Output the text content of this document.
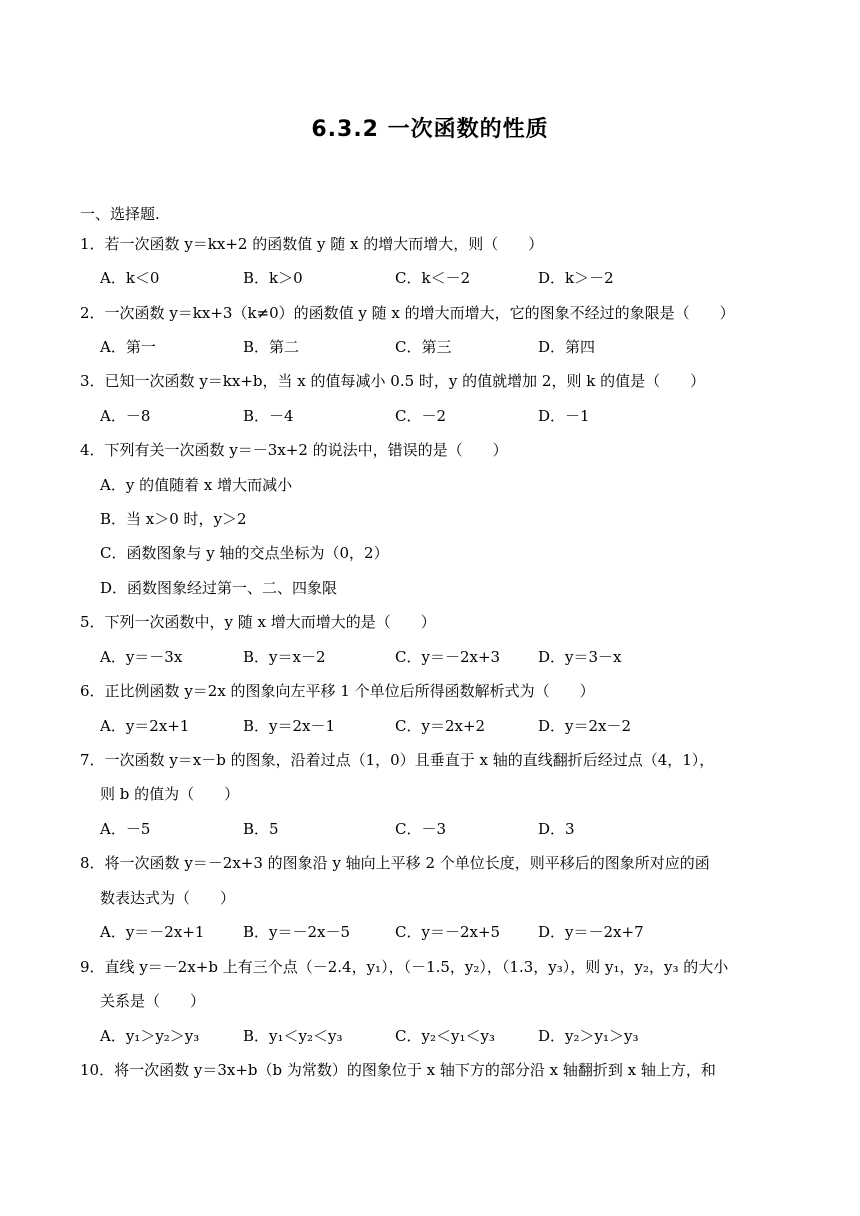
6.3.2 一次函数的性质
一、选择题.
1．若一次函数 y＝kx+2 的函数值 y 随 x 的增大而增大，则（　　）
A．k＜0	B．k＞0	C．k＜－2	D．k＞－2
2．一次函数 y＝kx+3（k≠0）的函数值 y 随 x 的增大而增大，它的图象不经过的象限是（　　）
A．第一	B．第二	C．第三	D．第四
3．已知一次函数 y＝kx+b，当 x 的值每减小 0.5 时，y 的值就增加 2，则 k 的值是（　　）
A．－8	B．－4	C．－2	D．－1
4．下列有关一次函数 y＝－3x+2 的说法中，错误的是（　　）
A．y 的值随着 x 增大而减小
B．当 x＞0 时，y＞2
C．函数图象与 y 轴的交点坐标为（0，2）
D．函数图象经过第一、二、四象限
5．下列一次函数中，y 随 x 增大而增大的是（　　）
A．y＝－3x	B．y＝x－2	C．y＝－2x+3	D．y＝3－x
6．正比例函数 y＝2x 的图象向左平移 1 个单位后所得函数解析式为（　　）
A．y＝2x+1	B．y＝2x－1	C．y＝2x+2	D．y＝2x－2
7．一次函数 y＝x－b 的图象，沿着过点（1，0）且垂直于 x 轴的直线翻折后经过点（4，1），
则 b 的值为（　　）
A．－5	B．5	C．－3	D．3
8．将一次函数 y＝－2x+3 的图象沿 y 轴向上平移 2 个单位长度，则平移后的图象所对应的函
数表达式为（　　）
A．y＝－2x+1	B．y＝－2x－5	C．y＝－2x+5	D．y＝－2x+7
9．直线 y＝－2x+b 上有三个点（－2.4，y₁），（－1.5，y₂），（1.3，y₃），则 y₁，y₂，y₃ 的大小
关系是（　　）
A．y₁＞y₂＞y₃	B．y₁＜y₂＜y₃	C．y₂＜y₁＜y₃	D．y₂＞y₁＞y₃
10．将一次函数 y＝3x+b（b 为常数）的图象位于 x 轴下方的部分沿 x 轴翻折到 x 轴上方，和
